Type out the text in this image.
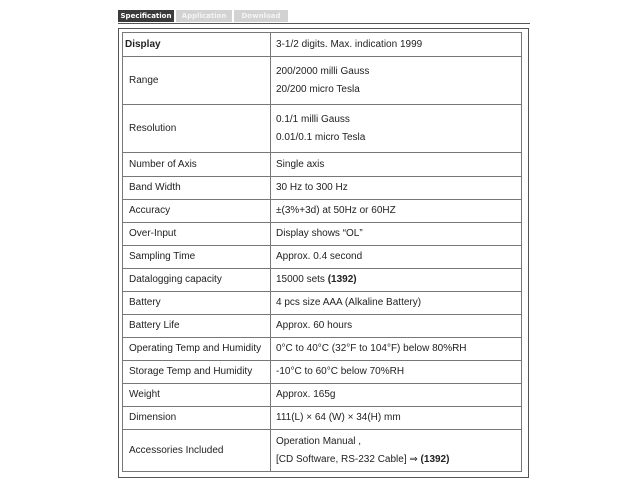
Specification	Application	Download
Display	3-1/2 digits. Max. indication 1999
Range	200/2000 milli Gauss
20/200 micro Tesla

Resolution	0.1/1 milli Gauss
0.01/0.1 micro Tesla

Number of Axis	Single axis
Band Width	30 Hz to 300 Hz
Accuracy	±(3%+3d) at 50Hz or 60HZ
Over-Input	Display shows “OL”
Sampling Time	Approx. 0.4 second
Datalogging capacity	15000 sets (1392)
Battery	4 pcs size AAA (Alkaline Battery)
Battery Life	Approx. 60 hours
Operating Temp and Humidity	0°C to 40°C (32°F to 104°F) below 80%RH
Storage Temp and Humidity	-10°C to 60°C below 70%RH
Weight	Approx. 165g
Dimension	111(L) × 64 (W) × 34(H) mm
Accessories Included	Operation Manual ,
[CD Software, RS-232 Cable] ⇒ (1392)
